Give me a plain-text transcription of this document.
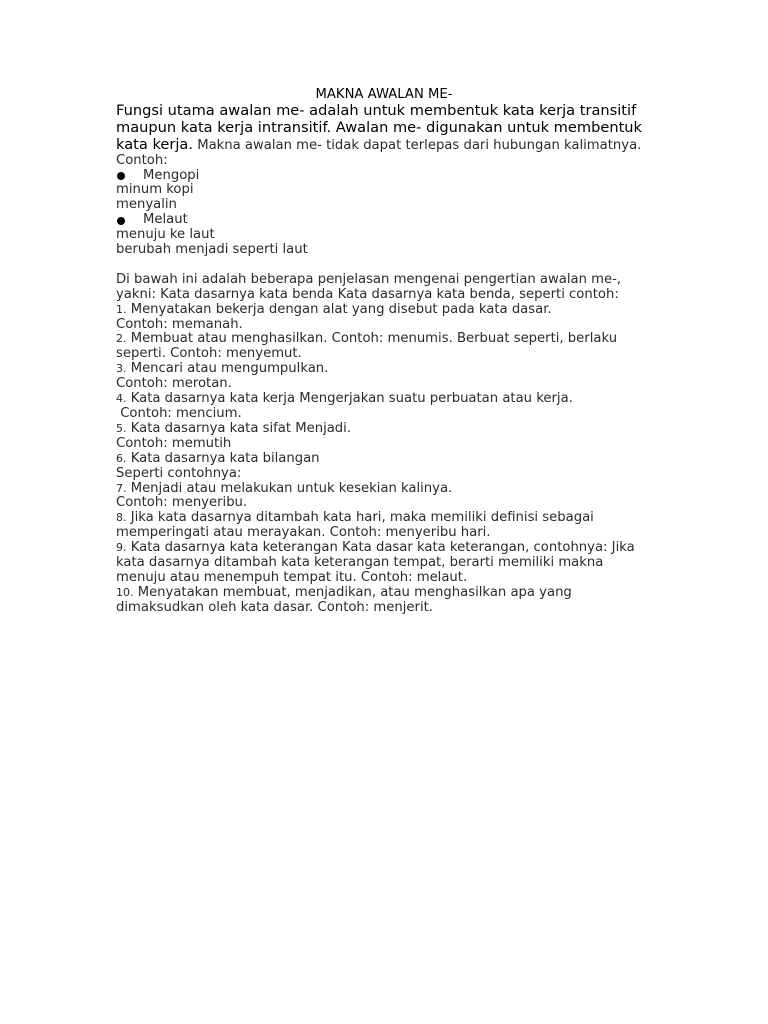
MAKNA AWALAN ME-

Fungsi utama awalan me- adalah untuk membentuk kata kerja transitif maupun kata kerja intransitif. Awalan me- digunakan untuk membentuk kata kerja. Makna awalan me- tidak dapat terlepas dari hubungan kalimatnya. Contoh:

Mengopi

minum kopi

menyalin

Melaut

menuju ke laut

berubah menjadi seperti laut

Di bawah ini adalah beberapa penjelasan mengenai pengertian awalan me-, yakni: Kata dasarnya kata benda Kata dasarnya kata benda, seperti contoh:

1. Menyatakan bekerja dengan alat yang disebut pada kata dasar.

Contoh: memanah.

2. Membuat atau menghasilkan. Contoh: menumis. Berbuat seperti, berlaku seperti. Contoh: menyemut.

3. Mencari atau mengumpulkan.

Contoh: merotan.

4. Kata dasarnya kata kerja Mengerjakan suatu perbuatan atau kerja.

Contoh: mencium.

5. Kata dasarnya kata sifat Menjadi.

Contoh: memutih

6. Kata dasarnya kata bilangan

Seperti contohnya:

7. Menjadi atau melakukan untuk kesekian kalinya.

Contoh: menyeribu.

8. Jika kata dasarnya ditambah kata hari, maka memiliki definisi sebagai memperingati atau merayakan. Contoh: menyeribu hari.

9. Kata dasarnya kata keterangan Kata dasar kata keterangan, contohnya: Jika kata dasarnya ditambah kata keterangan tempat, berarti memiliki makna menuju atau menempuh tempat itu. Contoh: melaut.

10. Menyatakan membuat, menjadikan, atau menghasilkan apa yang dimaksudkan oleh kata dasar. Contoh: menjerit.
